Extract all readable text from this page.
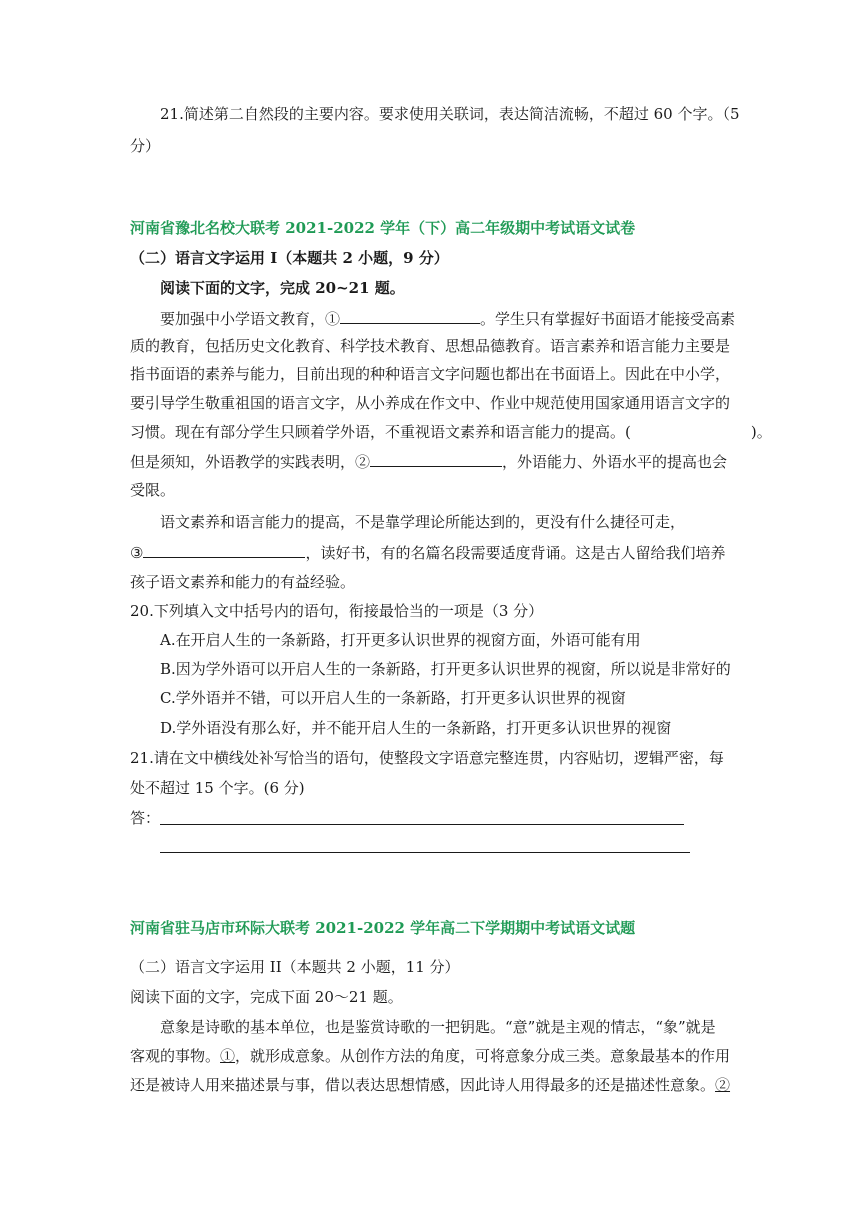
21.简述第二自然段的主要内容。要求使用关联词，表达简洁流畅，不超过 60 个字。（5
分）
河南省豫北名校大联考 2021-2022 学年（下）高二年级期中考试语文试卷
（二）语言文字运用 I（本题共 2 小题，9 分）
阅读下面的文字，完成 20~21 题。
要加强中小学语文教育，①	。学生只有掌握好书面语才能接受高素
质的教育，包括历史文化教育、科学技术教育、思想品德教育。语言素养和语言能力主要是
指书面语的素养与能力，目前出现的种种语言文字问题也都出在书面语上。因此在中小学，
要引导学生敬重祖国的语言文字，从小养成在作文中、作业中规范使用国家通用语言文字的
习惯。现在有部分学生只顾着学外语，不重视语文素养和语言能力的提高。(	)。
但是须知，外语教学的实践表明，②	，外语能力、外语水平的提高也会
受限。
语文素养和语言能力的提高，不是靠学理论所能达到的，更没有什么捷径可走，
③	，读好书，有的名篇名段需要适度背诵。这是古人留给我们培养
孩子语文素养和能力的有益经验。
20.下列填入文中括号内的语句，衔接最恰当的一项是（3 分）
A.在开启人生的一条新路，打开更多认识世界的视窗方面，外语可能有用
B.因为学外语可以开启人生的一条新路，打开更多认识世界的视窗，所以说是非常好的
C.学外语并不错，可以开启人生的一条新路，打开更多认识世界的视窗
D.学外语没有那么好，并不能开启人生的一条新路，打开更多认识世界的视窗
21.请在文中横线处补写恰当的语句，使整段文字语意完整连贯，内容贴切，逻辑严密，每
处不超过 15 个字。(6 分)
答：
河南省驻马店市环际大联考 2021-2022 学年高二下学期期中考试语文试题
（二）语言文字运用 II（本题共 2 小题，11 分）
阅读下面的文字，完成下面 20～21 题。
意象是诗歌的基本单位，也是鉴赏诗歌的一把钥匙。“意”就是主观的情志，“象”就是
客观的事物。①，就形成意象。从创作方法的角度，可将意象分成三类。意象最基本的作用
还是被诗人用来描述景与事，借以表达思想情感，因此诗人用得最多的还是描述性意象。②
